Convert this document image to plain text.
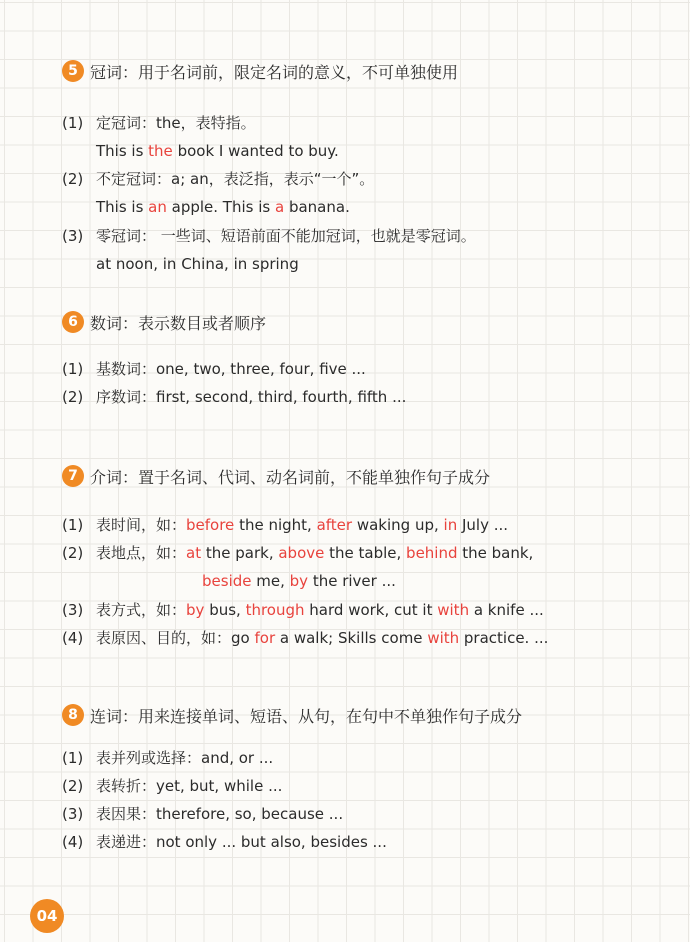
5 冠词：用于名词前，限定名词的意义，不可单独使用
(1) 定冠词：the，表特指。
This is the book I wanted to buy.
(2) 不定冠词：a; an，表泛指，表示“一个”。
This is an apple. This is a banana.
(3) 零冠词： 一些词、短语前面不能加冠词，也就是零冠词。
at noon, in China, in spring
6 数词：表示数目或者顺序
(1) 基数词：one, two, three, four, five ...
(2) 序数词：first, second, third, fourth, fifth ...
7 介词：置于名词、代词、动名词前，不能单独作句子成分
(1) 表时间，如：before the night, after waking up, in July ...
(2) 表地点，如：at the park, above the table, behind the bank,
beside me, by the river ...
(3) 表方式，如：by bus, through hard work, cut it with a knife ...
(4) 表原因、目的，如：go for a walk; Skills come with practice. ...
8 连词：用来连接单词、短语、从句，在句中不单独作句子成分
(1) 表并列或选择：and, or ...
(2) 表转折：yet, but, while ...
(3) 表因果：therefore, so, because ...
(4) 表递进：not only ... but also, besides ...
04
